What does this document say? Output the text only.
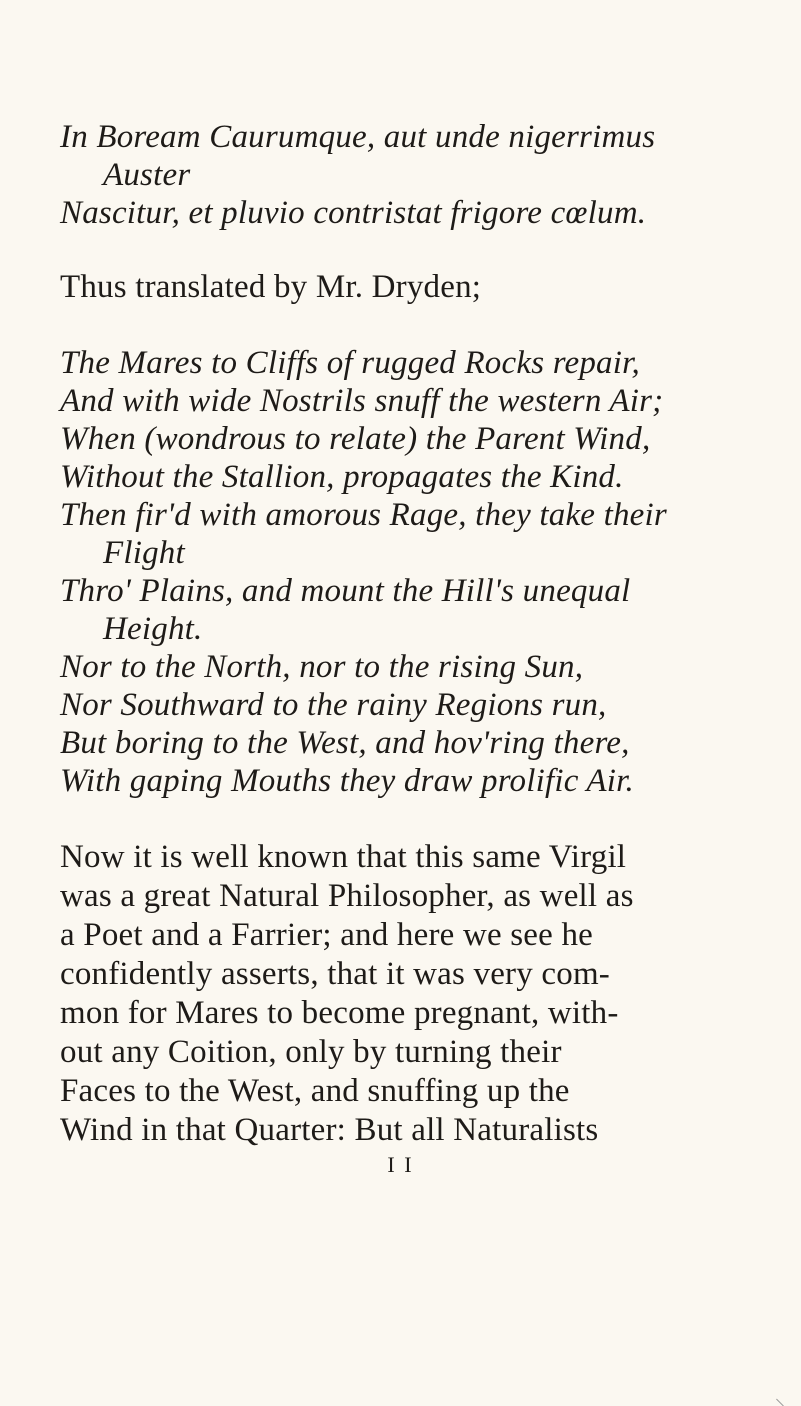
In Boream Caurumque, aut unde nigerrimus
Auster
Nascitur, et pluvio contristat frigore cœlum.
Thus translated by Mr. Dryden;
The Mares to Cliffs of rugged Rocks repair,
And with wide Nostrils snuff the western Air;
When (wondrous to relate) the Parent Wind,
Without the Stallion, propagates the Kind.
Then fir'd with amorous Rage, they take their
Flight
Thro' Plains, and mount the Hill's unequal
Height.
Nor to the North, nor to the rising Sun,
Nor Southward to the rainy Regions run,
But boring to the West, and hov'ring there,
With gaping Mouths they draw prolific Air.
Now it is well known that this same Virgil
was a great Natural Philosopher, as well as
a Poet and a Farrier; and here we see he
confidently asserts, that it was very com-
mon for Mares to become pregnant, with-
out any Coition, only by turning their
Faces to the West, and snuffing up the
Wind in that Quarter: But all Naturalists
I I
